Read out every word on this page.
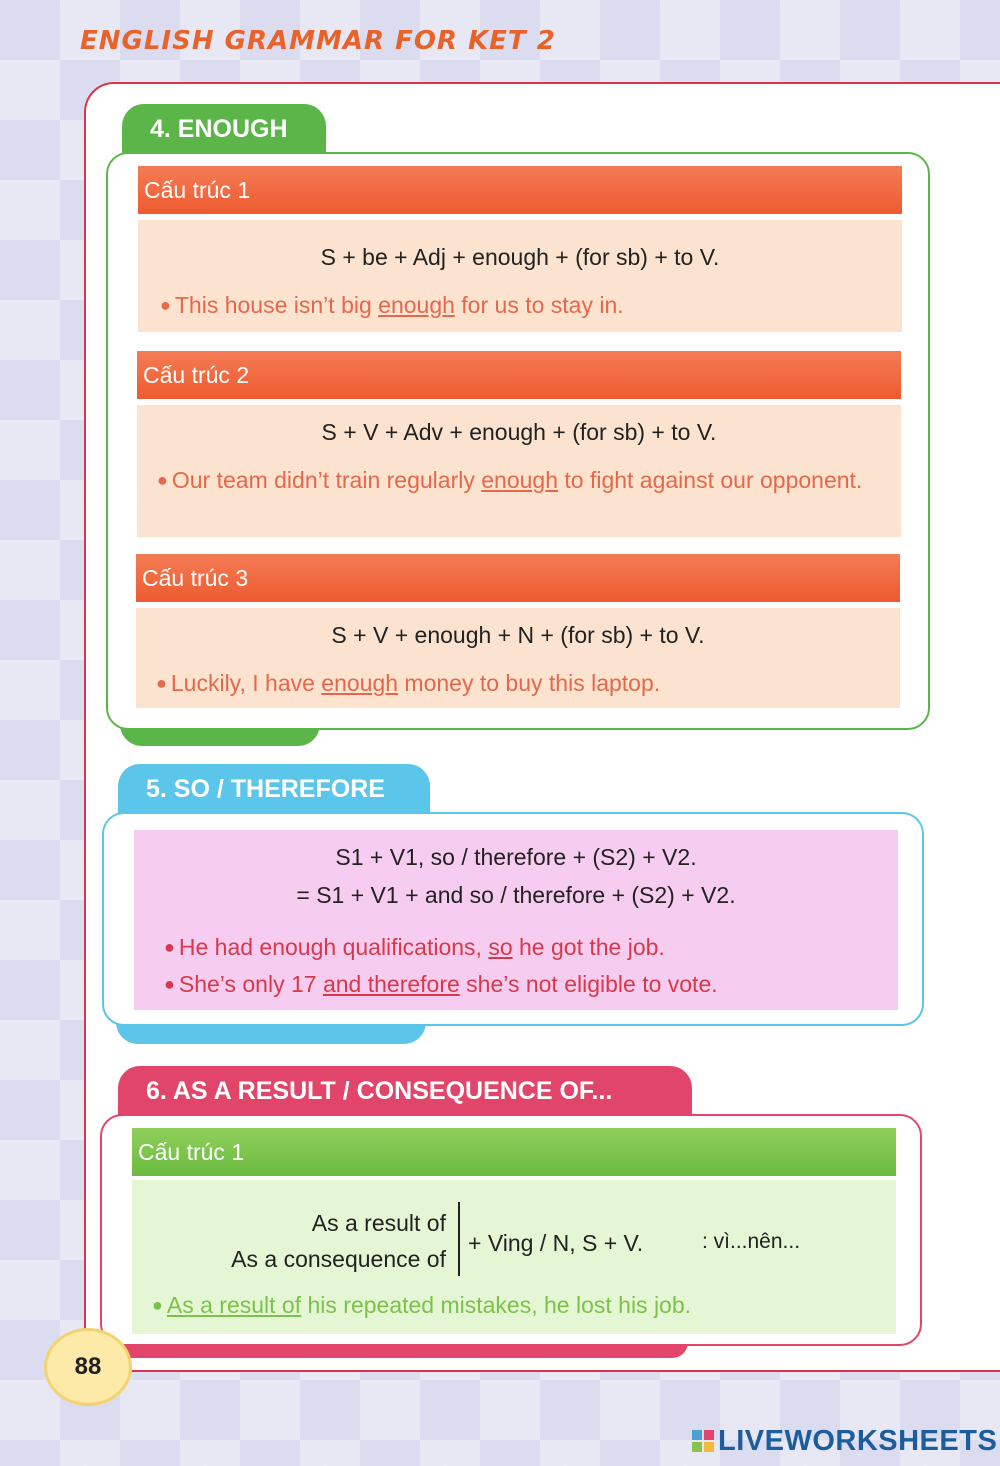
ENGLISH GRAMMAR FOR KET 2
4. ENOUGH
Cấu trúc 1
S + be + Adj + enough + (for sb) + to V.
● This house isn’t big enough for us to stay in.
Cấu trúc 2
S + V + Adv + enough + (for sb) + to V.
● Our team didn’t train regularly enough to fight against our opponent.
Cấu trúc 3
S + V + enough + N + (for sb) + to V.
● Luckily, I have enough money to buy this laptop.
5. SO / THEREFORE
S1 + V1, so / therefore + (S2) + V2.
= S1 + V1 + and so / therefore + (S2) + V2.
● He had enough qualifications, so he got the job.
● She’s only 17 and therefore she’s not eligible to vote.
6. AS A RESULT / CONSEQUENCE OF...
Cấu trúc 1
As a result of
As a consequence of
+ Ving / N, S + V.	: vì...nên...
● As a result of his repeated mistakes, he lost his job.
88
LIVEWORKSHEETS
